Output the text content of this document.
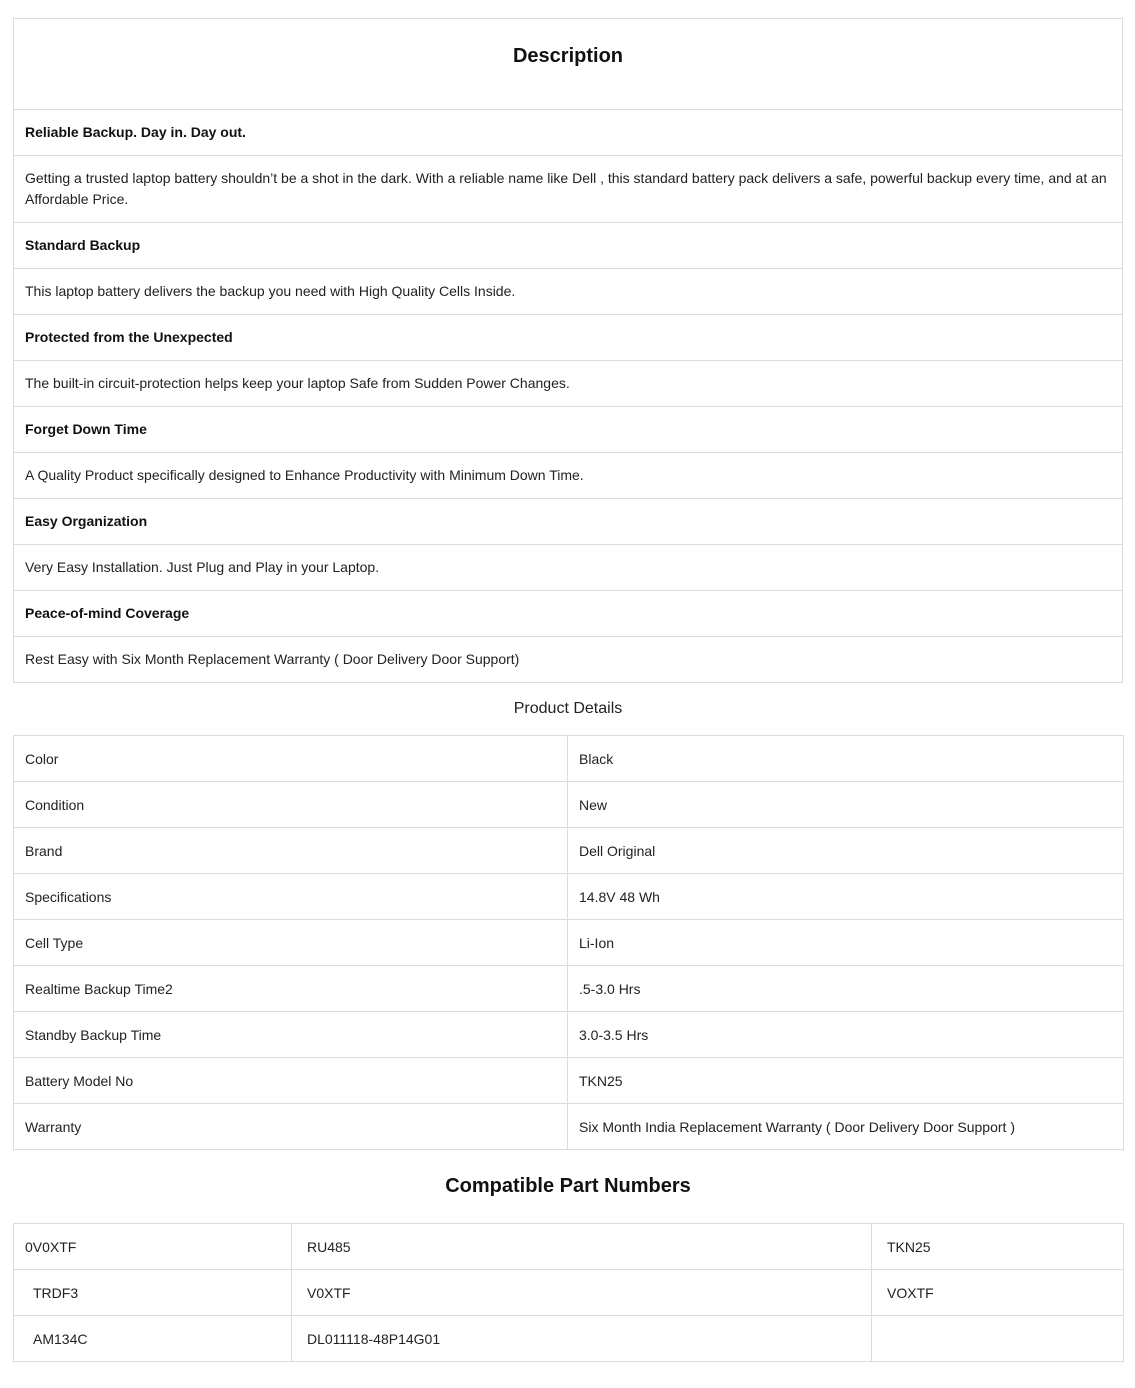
Description
Reliable Backup. Day in. Day out.
Getting a trusted laptop battery shouldn’t be a shot in the dark. With a reliable name like Dell , this standard battery pack delivers a safe, powerful backup every time, and at an Affordable Price.
Standard Backup
This laptop battery delivers the backup you need with High Quality Cells Inside.
Protected from the Unexpected
The built-in circuit-protection helps keep your laptop Safe from Sudden Power Changes.
Forget Down Time
A Quality Product specifically designed to Enhance Productivity with Minimum Down Time.
Easy Organization
Very Easy Installation. Just Plug and Play in your Laptop.
Peace-of-mind Coverage
Rest Easy with Six Month Replacement Warranty ( Door Delivery Door Support)
Product Details
Color	Black
Condition	New
Brand	Dell Original
Specifications	14.8V 48 Wh
Cell Type	Li-Ion
Realtime Backup Time2	.5-3.0 Hrs
Standby Backup Time	3.0-3.5 Hrs
Battery Model No	TKN25
Warranty	Six Month India Replacement Warranty ( Door Delivery Door Support )
Compatible Part Numbers
0V0XTF	RU485	TKN25
TRDF3	V0XTF	VOXTF
AM134C	DL011118-48P14G01	
